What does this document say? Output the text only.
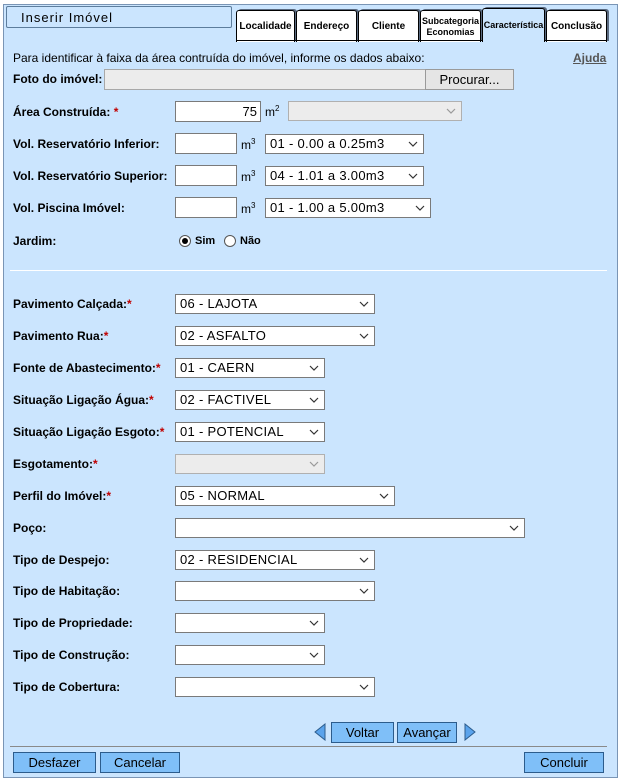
Inserir Imóvel
Localidade	Endereço	Cliente
Subcategoria Economias
Característica Conclusão
Para identificar à faixa da área contruída do imóvel, informe os dados abaixo:	Ajuda
Foto do imóvel:	Procurar...
Área Construída: *	75 $m^2$
Vol. Reservatório Inferior:	$m^3$ 01 - 0.00 a 0.25m3
Vol. Reservatório Superior:	$m^3$ 04 - 1.01 a 3.00m3
Vol. Piscina Imóvel:	$m^3$ 01 - 1.00 a 5.00m3
Jardim:	Sim Não
Pavimento Calçada:*	06 - LAJOTA
Pavimento Rua:*	02 - ASFALTO
Fonte de Abastecimento:* 01 - CAERN
Situação Ligação Água:* 02 - FACTIVEL
Situação Ligação Esgoto:* 01 - POTENCIAL
Esgotamento:*
Perfil do Imóvel:*	05 - NORMAL
Poço:
Tipo de Despejo:	02 - RESIDENCIAL
Tipo de Habitação:
Tipo de Propriedade:
Tipo de Construção:
Tipo de Cobertura:
Voltar	Avançar
Desfazer	Cancelar	Concluir
